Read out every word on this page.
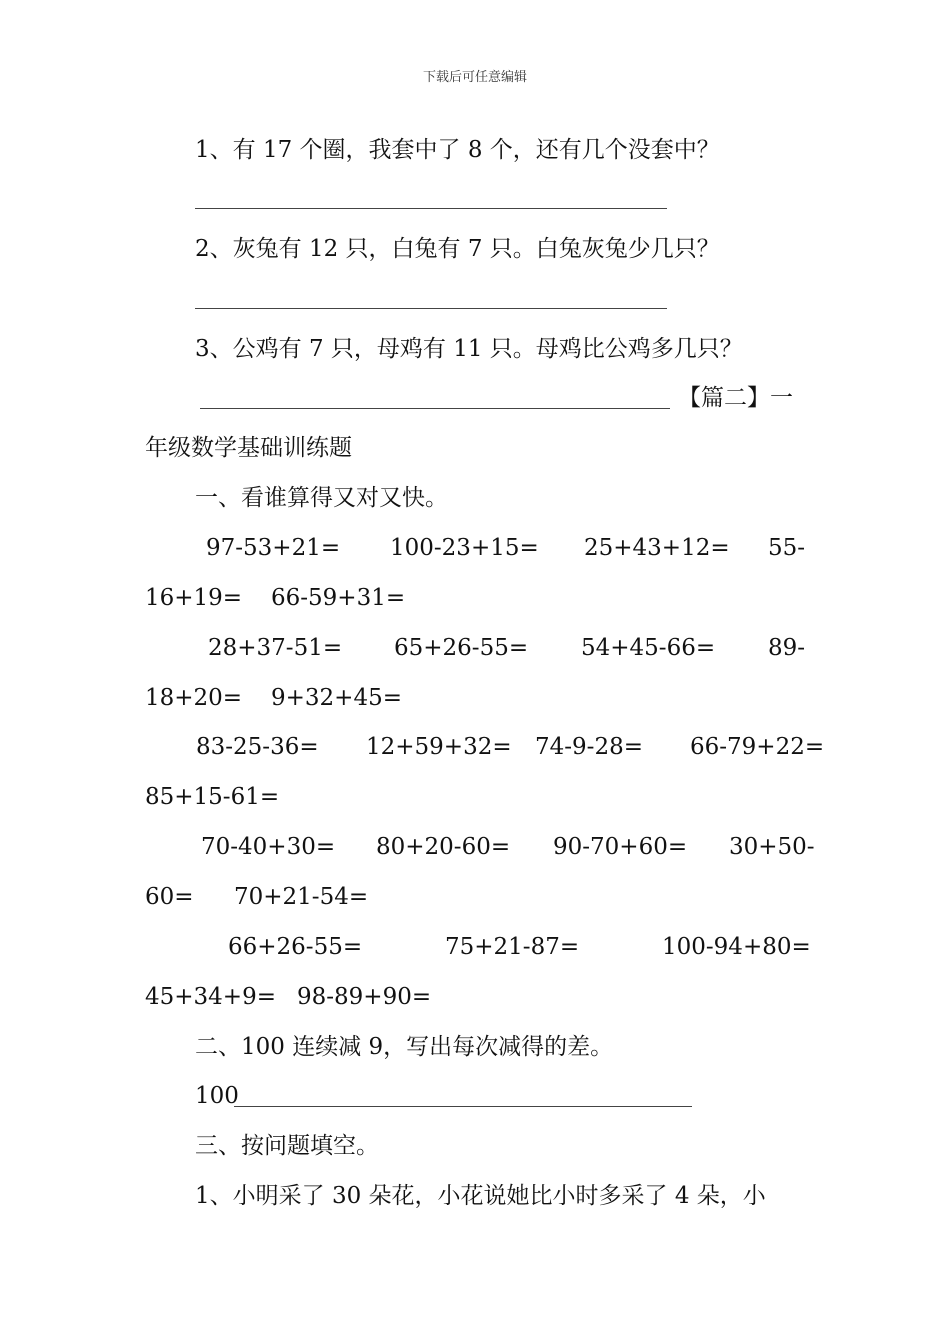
下载后可任意编辑
1、有 17 个圈，我套中了 8 个，还有几个没套中？
2、灰兔有 12 只，白兔有 7 只。白兔灰兔少几只？
3、公鸡有 7 只，母鸡有 11 只。母鸡比公鸡多几只？
【篇二】一
年级数学基础训练题
一、看谁算得又对又快。
97-53+21= 100-23+15= 25+43+12= 55-
16+19= 66-59+31=
28+37-51= 65+26-55= 54+45-66= 89-
18+20= 9+32+45=
83-25-36= 12+59+32= 74-9-28= 66-79+22=
85+15-61=
70-40+30= 80+20-60= 90-70+60= 30+50-
60= 70+21-54=
66+26-55=	75+21-87=	100-94+80=
45+34+9= 98-89+90=
二、100 连续减 9，写出每次减得的差。
100
三、按问题填空。
1、小明采了 30 朵花，小花说她比小时多采了 4 朵，小
